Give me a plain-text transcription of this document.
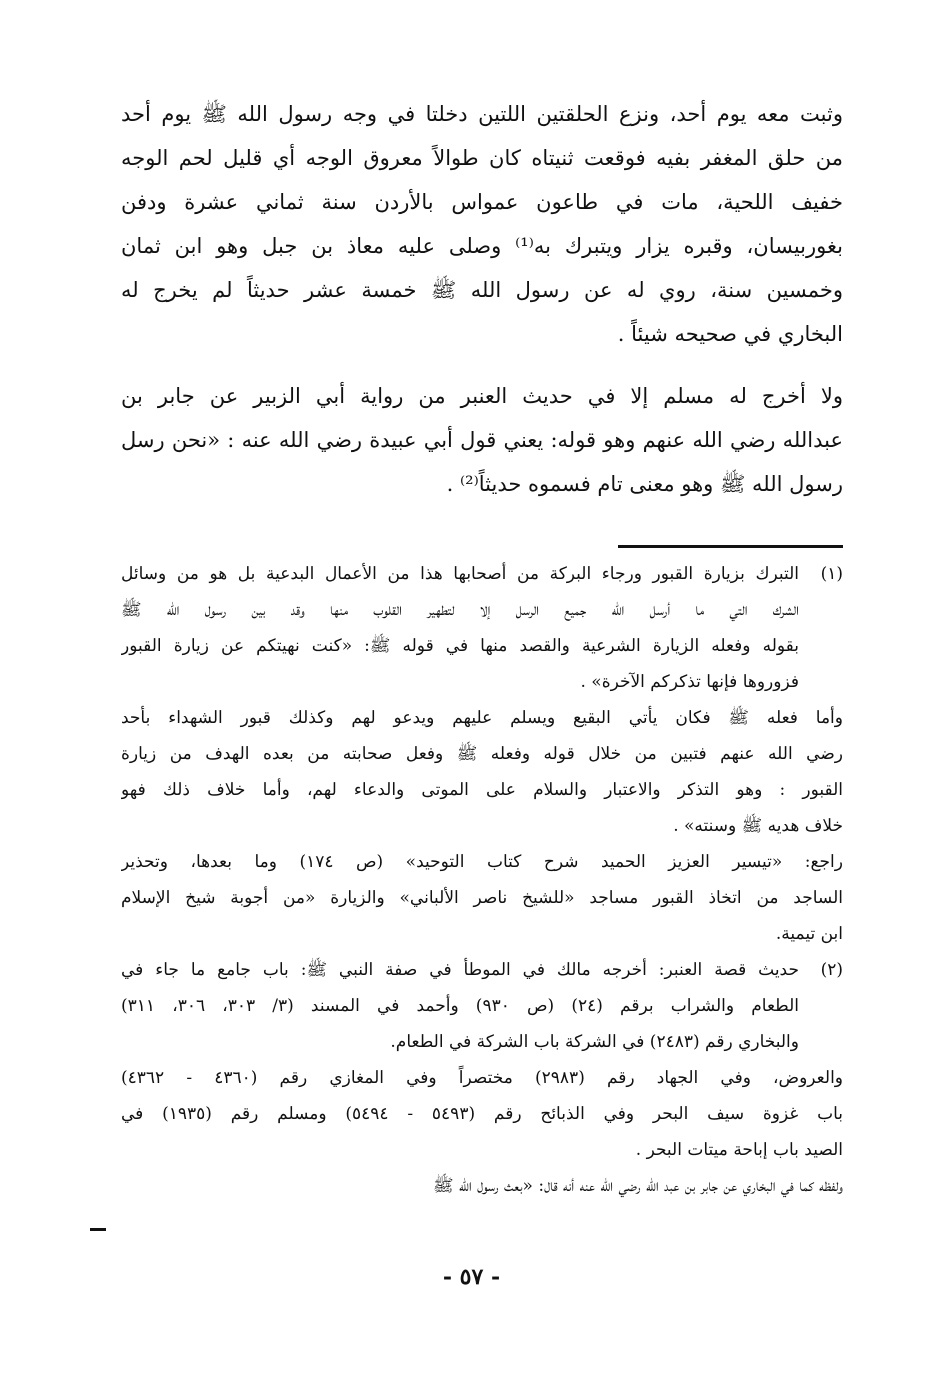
وثبت معه يوم أحد، ونزع الحلقتين اللتين دخلتا في وجه رسول الله ﷺ يوم أحد
من حلق المغفر بفيه فوقعت ثنيتاه كان طوالاً معروق الوجه أي قليل لحم الوجه
خفيف اللحية، مات في طاعون عمواس بالأردن سنة ثماني عشرة ودفن
بغوربيسان، وقبره يزار ويتبرك به⁽¹⁾ وصلى عليه معاذ بن جبل وهو ابن ثمان
وخمسين سنة، روي له عن رسول الله ﷺ خمسة عشر حديثاً لم يخرج له
البخاري في صحيحه شيئاً .
ولا أخرج له مسلم إلا في حديث العنبر من رواية أبي الزبير عن جابر بن
عبدالله رضي الله عنهم وهو قوله: يعني قول أبي عبيدة رضي الله عنه : «نحن رسل
رسول الله ﷺ وهو معنى تام فسموه حديثاً⁽²⁾ .
(١)
التبرك بزيارة القبور ورجاء البركة من أصحابها هذا من الأعمال البدعية بل هو من وسائل
الشرك التي ما أرسل الله جميع الرسل إلا لتطهير القلوب منها وقد بين رسول الله ﷺ
بقوله وفعله الزيارة الشرعية والقصد منها في قوله ﷺ: «كنت نهيتكم عن زيارة القبور
فزوروها فإنها تذكركم الآخرة» .
وأما فعله ﷺ فكان يأتي البقيع ويسلم عليهم ويدعو لهم وكذلك قبور الشهداء بأحد
رضي الله عنهم فتبين من خلال قوله وفعله ﷺ وفعل صحابته من بعده الهدف من زيارة
القبور : وهو التذكر والاعتبار والسلام على الموتى والدعاء لهم، وأما خلاف ذلك فهو
خلاف هديه ﷺ وسنته» .
راجع: «تيسير العزيز الحميد شرح كتاب التوحيد» (ص ١٧٤) وما بعدها، وتحذير
الساجد من اتخاذ القبور مساجد «للشيخ ناصر الألباني» والزيارة «من أجوبة شيخ الإسلام
ابن تيمية.
(٢)
حديث قصة العنبر: أخرجه مالك في الموطأ في صفة النبي ﷺ: باب جامع ما جاء في
الطعام والشراب برقم (٢٤) (ص ٩٣٠) وأحمد في المسند (٣/ ٣٠٣، ٣٠٦، ٣١١)
والبخاري رقم (٢٤٨٣) في الشركة باب الشركة في الطعام.
والعروض، وفي الجهاد رقم (٢٩٨٣) مختصراً وفي المغازي رقم (٤٣٦٠ - ٤٣٦٢)
باب غزوة سيف البحر وفي الذبائح رقم (٥٤٩٣ - ٥٤٩٤) ومسلم رقم (١٩٣٥) في
الصيد باب إباحة ميتات البحر .
ولفظه كما في البخاري عن جابر بن عبد الله رضي الله عنه أنه قال: «بعث رسول الله ﷺ
- ٥٧ -
